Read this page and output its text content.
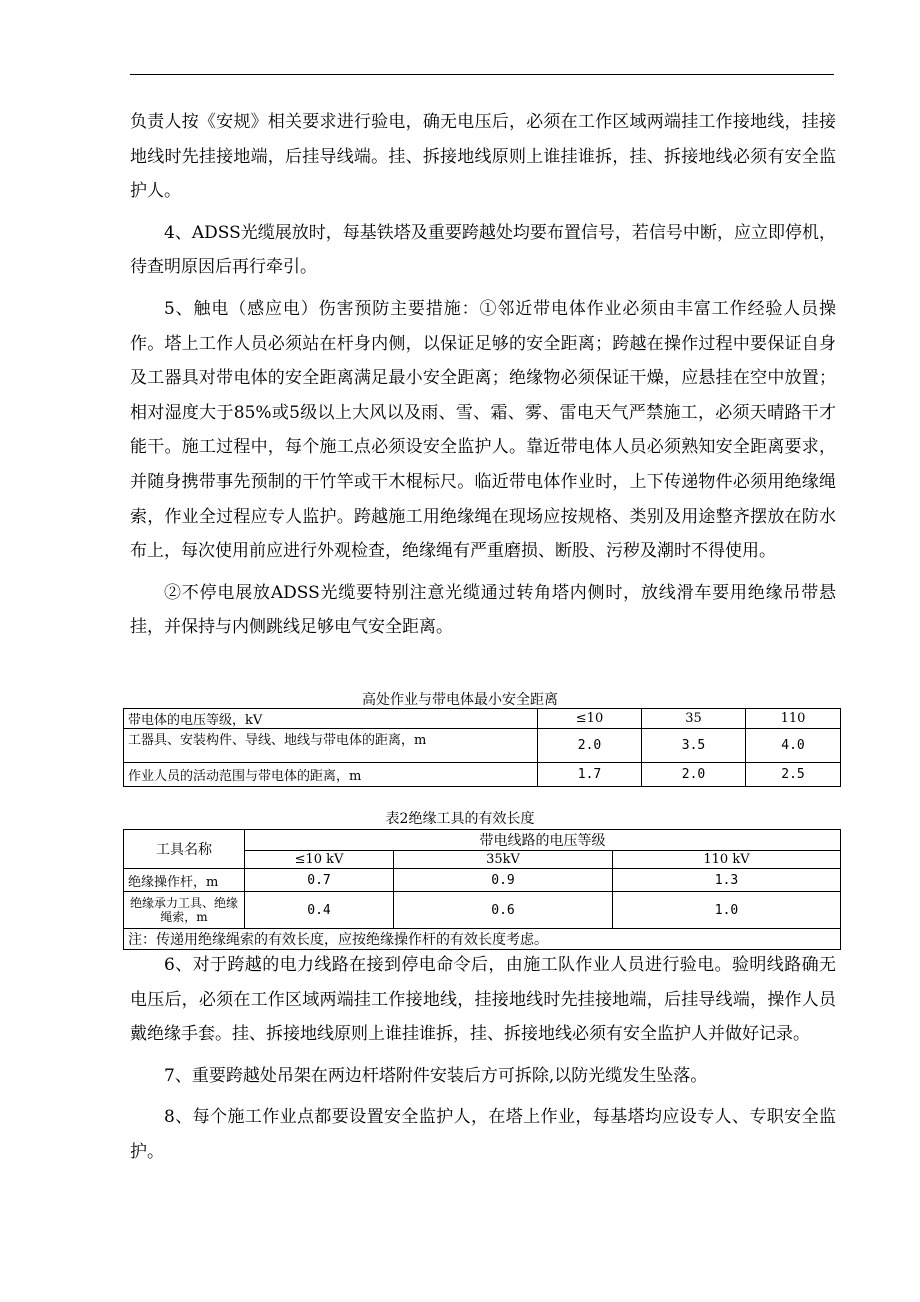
负责人按《安规》相关要求进行验电，确无电压后，必须在工作区域两端挂工作接地线，挂接地线时先挂接地端，后挂导线端。挂、拆接地线原则上谁挂谁拆，挂、拆接地线必须有安全监护人。

4、ADSS光缆展放时，每基铁塔及重要跨越处均要布置信号，若信号中断，应立即停机，待查明原因后再行牵引。

5、触电（感应电）伤害预防主要措施：①邻近带电体作业必须由丰富工作经验人员操作。塔上工作人员必须站在杆身内侧，以保证足够的安全距离；跨越在操作过程中要保证自身及工器具对带电体的安全距离满足最小安全距离；绝缘物必须保证干燥，应悬挂在空中放置；相对湿度大于85%或5级以上大风以及雨、雪、霜、雾、雷电天气严禁施工，必须天晴路干才能干。施工过程中，每个施工点必须设安全监护人。靠近带电体人员必须熟知安全距离要求，并随身携带事先预制的干竹竿或干木棍标尺。临近带电体作业时，上下传递物件必须用绝缘绳索，作业全过程应专人监护。跨越施工用绝缘绳在现场应按规格、类别及用途整齐摆放在防水布上，每次使用前应进行外观检查，绝缘绳有严重磨损、断股、污秽及潮时不得使用。

②不停电展放ADSS光缆要特别注意光缆通过转角塔内侧时，放线滑车要用绝缘吊带悬挂，并保持与内侧跳线足够电气安全距离。

高处作业与带电体最小安全距离
带电体的电压等级，kV	≤10	35	110
工器具、安装构件、导线、地线与带电体的距离，m	2.0	3.5	4.0
作业人员的活动范围与带电体的距离，m	1.7	2.0	2.5
表2绝缘工具的有效长度
工具名称	带电线路的电压等级		
	≤10 kV	35kV	110 kV
绝缘操作杆，m	0.7	0.9	1.3
绝缘承力工具、绝缘绳索，m	0.4	0.6	1.0
注：传递用绝缘绳索的有效长度，应按绝缘操作杆的有效长度考虑。			

6、对于跨越的电力线路在接到停电命令后，由施工队作业人员进行验电。验明线路确无电压后，必须在工作区域两端挂工作接地线，挂接地线时先挂接地端，后挂导线端，操作人员戴绝缘手套。挂、拆接地线原则上谁挂谁拆，挂、拆接地线必须有安全监护人并做好记录。

7、重要跨越处吊架在两边杆塔附件安装后方可拆除,以防光缆发生坠落。

8、每个施工作业点都要设置安全监护人，在塔上作业，每基塔均应设专人、专职安全监护。
